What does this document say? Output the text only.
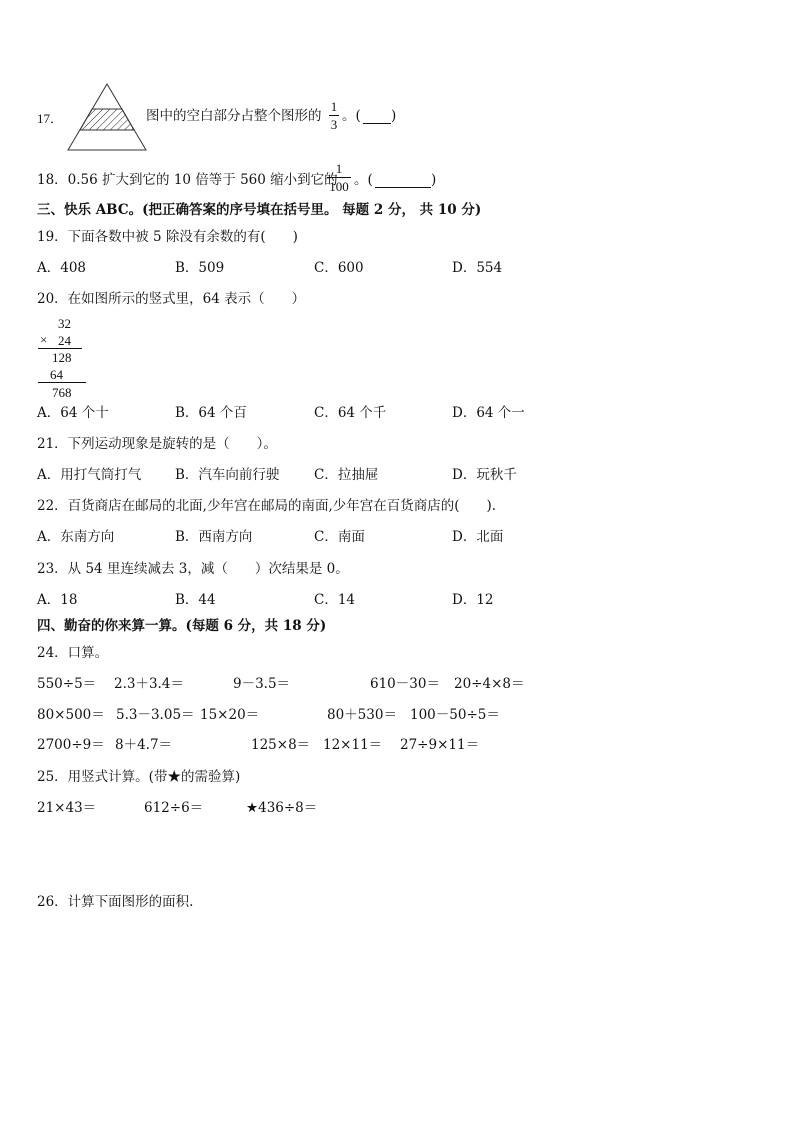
17．	图中的空白部分占整个图形的
1
3
。( )
18．0.56 扩大到它的 10 倍等于 560 缩小到它的
1
100 。(	)
三、快乐 ABC。(把正确答案的序号填在括号里。 每题 2 分， 共 10 分)
19．下面各数中被 5 除没有余数的有(　　)
A．408	B．509	C．600	D．554
20．在如图所示的竖式里，64 表示（　　）
32
× 24
128
64
768
A．64 个十	B．64 个百	C．64 个千	D．64 个一
21．下列运动现象是旋转的是（　　）。
A．用打气筒打气	B．汽车向前行驶	C．拉抽屉	D．玩秋千
22．百货商店在邮局的北面,少年宫在邮局的南面,少年宫在百货商店的(　　).
A．东南方向	B．西南方向	C．南面	D．北面
23．从 54 里连续减去 3，减（　　）次结果是 0。
A．18	B．44	C．14	D．12
四、勤奋的你来算一算。(每题 6 分，共 18 分)
24．口算。
550÷5＝ 2.3＋3.4＝	9－3.5＝	610－30＝ 20÷4×8＝
80×500＝ 5.3－3.05＝ 15×20＝	80＋530＝ 100－50÷5＝
2700÷9＝ 8＋4.7＝	125×8＝ 12×11＝ 27÷9×11＝
25．用竖式计算。(带★的需验算)
21×43＝	612÷6＝	★436÷8＝
26．计算下面图形的面积.
